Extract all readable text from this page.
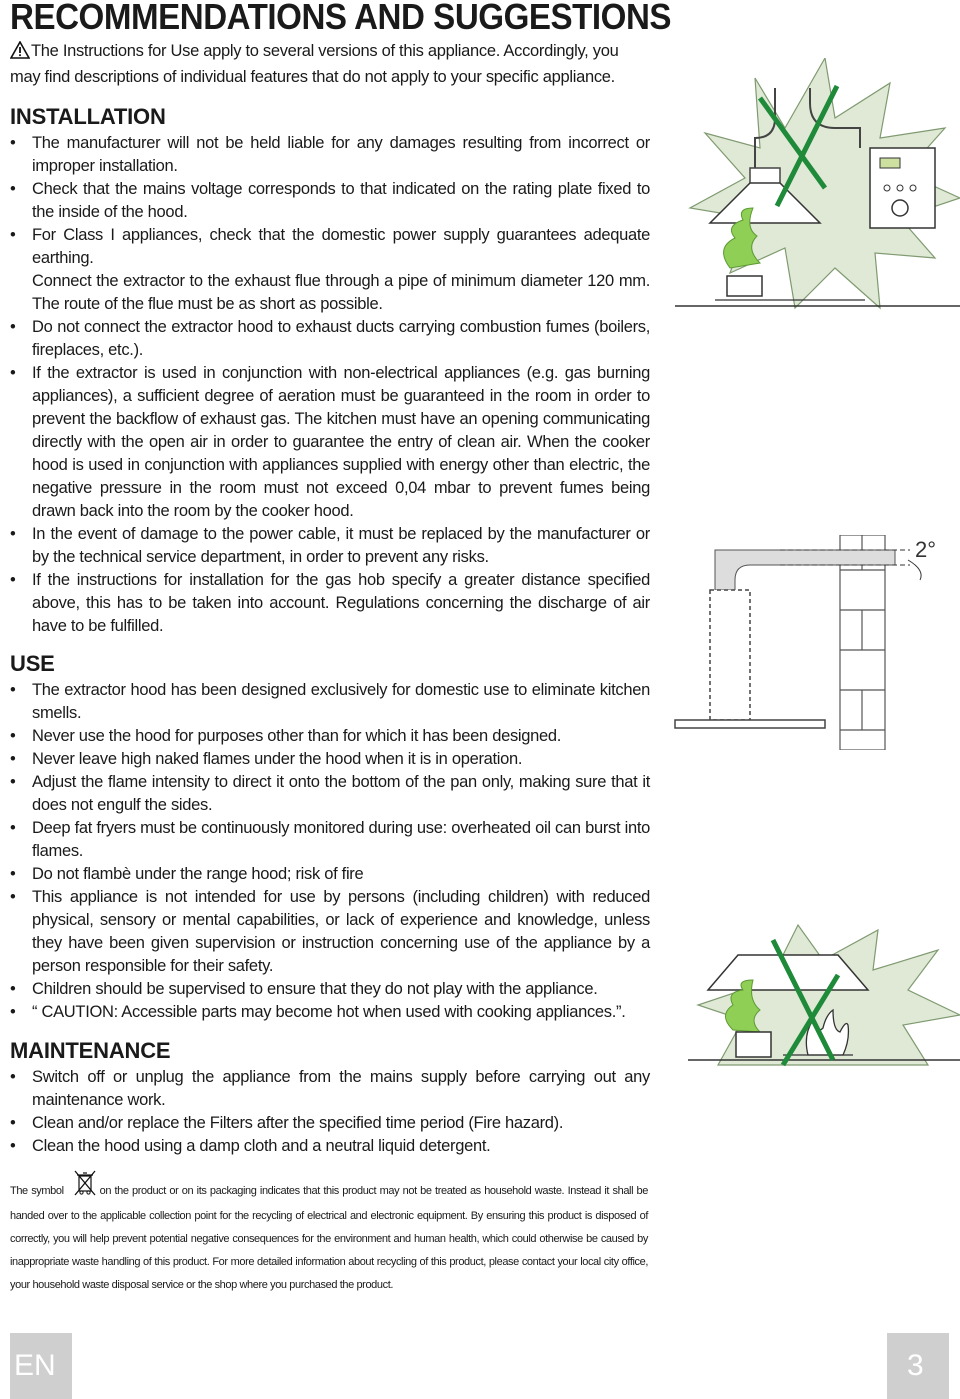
RECOMMENDATIONS AND SUGGESTIONS

The Instructions for Use apply to several versions of this appliance. Accordingly, you may find descriptions of individual features that do not apply to your specific appliance.

INSTALLATION
• The manufacturer will not be held liable for any damages resulting from incorrect or improper installation.
• Check that the mains voltage corresponds to that indicated on the rating plate fixed to the inside of the hood.
• For Class I appliances, check that the domestic power supply guarantees adequate earthing.
Connect the extractor to the exhaust flue through a pipe of minimum diameter 120 mm. The route of the flue must be as short as possible.
• Do not connect the extractor hood to exhaust ducts carrying combustion fumes (boilers, fireplaces, etc.).
• If the extractor is used in conjunction with non-electrical appliances (e.g. gas burning appliances), a sufficient degree of aeration must be guaranteed in the room in order to prevent the backflow of exhaust gas. The kitchen must have an opening communicating directly with the open air in order to guarantee the entry of clean air. When the cooker hood is used in conjunction with appliances supplied with energy other than electric, the negative pressure in the room must not exceed 0,04 mbar to prevent fumes being drawn back into the room by the cooker hood.
• In the event of damage to the power cable, it must be replaced by the manufacturer or by the technical service department, in order to prevent any risks.
• If the instructions for installation for the gas hob specify a greater distance specified above, this has to be taken into account. Regulations concerning the discharge of air have to be fulfilled.
USE
• The extractor hood has been designed exclusively for domestic use to eliminate kitchen smells.
• Never use the hood for purposes other than for which it has been designed.
• Never leave high naked flames under the hood when it is in operation.
• Adjust the flame intensity to direct it onto the bottom of the pan only, making sure that it does not engulf the sides.
• Deep fat fryers must be continuously monitored during use: overheated oil can burst into flames.
• Do not flambè under the range hood; risk of fire
• This appliance is not intended for use by persons (including children) with reduced physical, sensory or mental capabilities, or lack of experience and knowledge, unless they have been given supervision or instruction concerning use of the appliance by a person responsible for their safety.
• Children should be supervised to ensure that they do not play with the appliance.
• “ CAUTION: Accessible parts may become hot when used with cooking appliances.”.
MAINTENANCE
• Switch off or unplug the appliance from the mains supply before carrying out any maintenance work.
• Clean and/or replace the Filters after the specified time period (Fire hazard).
• Clean the hood using a damp cloth and a neutral liquid detergent.

The symbol	on the product or on its packaging indicates that this product may not be treated as household waste. Instead it shall be handed over to the applicable collection point for the recycling of electrical and electronic equipment. By ensuring this product is disposed of correctly, you will help prevent potential negative consequences for the environment and human health, which could otherwise be caused by inappropriate waste handling of this product. For more detailed information about recycling of this product, please contact your local city office, your household waste disposal service or the shop where you purchased the product.

2°
EN	3
